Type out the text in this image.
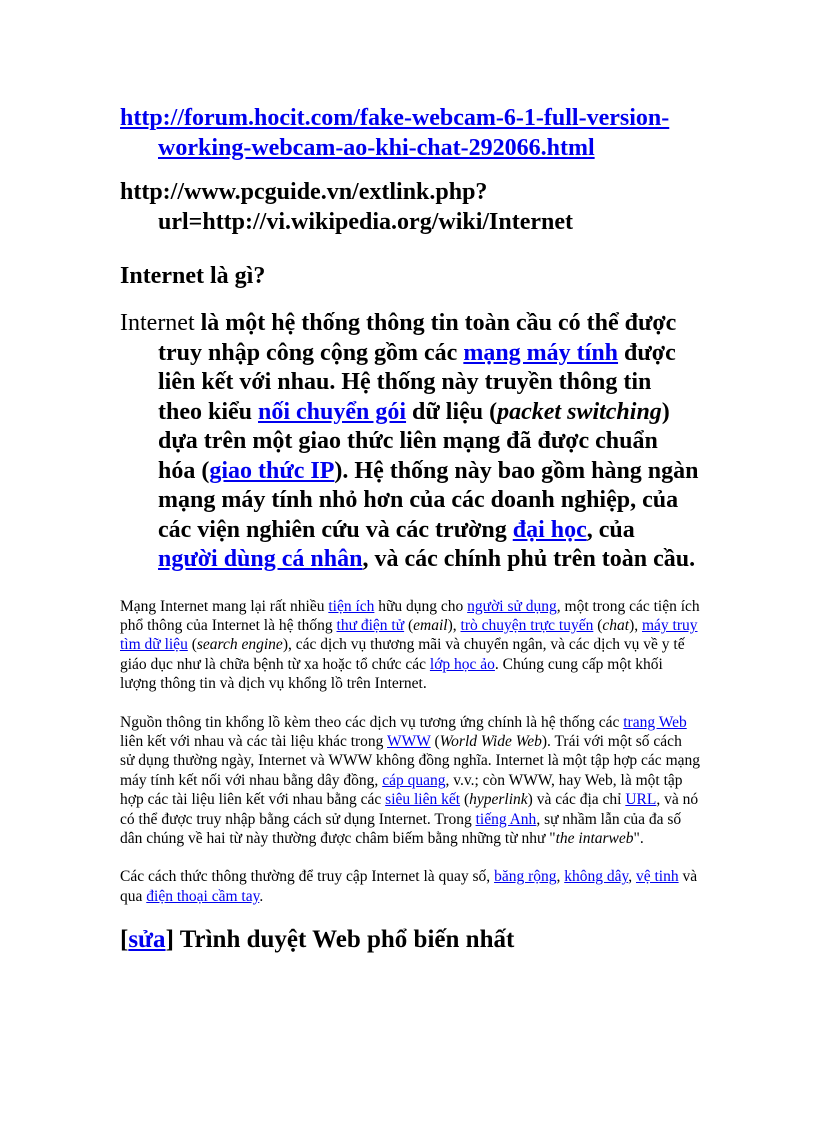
http://forum.hocit.com/fake-webcam-6-1-full-version-
working-webcam-ao-khi-chat-292066.html

http://www.pcguide.vn/extlink.php?
url=http://vi.wikipedia.org/wiki/Internet

Internet là gì?

Internet là một hệ thống thông tin toàn cầu có thể được truy nhập công cộng gồm các mạng máy tính được liên kết với nhau. Hệ thống này truyền thông tin theo kiểu nối chuyển gói dữ liệu (packet switching) dựa trên một giao thức liên mạng đã được chuẩn hóa (giao thức IP). Hệ thống này bao gồm hàng ngàn mạng máy tính nhỏ hơn của các doanh nghiệp, của các viện nghiên cứu và các trường đại học, của người dùng cá nhân, và các chính phủ trên toàn cầu.

Mạng Internet mang lại rất nhiều tiện ích hữu dụng cho người sử dụng, một trong các tiện ích phổ thông của Internet là hệ thống thư điện tử (email), trò chuyện trực tuyến (chat), máy truy tìm dữ liệu (search engine), các dịch vụ thương mãi và chuyển ngân, và các dịch vụ về y tế giáo dục như là chữa bệnh từ xa hoặc tổ chức các lớp học ảo. Chúng cung cấp một khối lượng thông tin và dịch vụ khổng lồ trên Internet.

Nguồn thông tin khổng lồ kèm theo các dịch vụ tương ứng chính là hệ thống các trang Web liên kết với nhau và các tài liệu khác trong WWW (World Wide Web). Trái với một số cách sử dụng thường ngày, Internet và WWW không đồng nghĩa. Internet là một tập hợp các mạng máy tính kết nối với nhau bằng dây đồng, cáp quang, v.v.; còn WWW, hay Web, là một tập hợp các tài liệu liên kết với nhau bằng các siêu liên kết (hyperlink) và các địa chỉ URL, và nó có thể được truy nhập bằng cách sử dụng Internet. Trong tiếng Anh, sự nhầm lẫn của đa số dân chúng về hai từ này thường được châm biếm bằng những từ như "the intarweb".

Các cách thức thông thường để truy cập Internet là quay số, băng rộng, không dây, vệ tinh và qua điện thoại cầm tay.

[sửa] Trình duyệt Web phổ biến nhất
